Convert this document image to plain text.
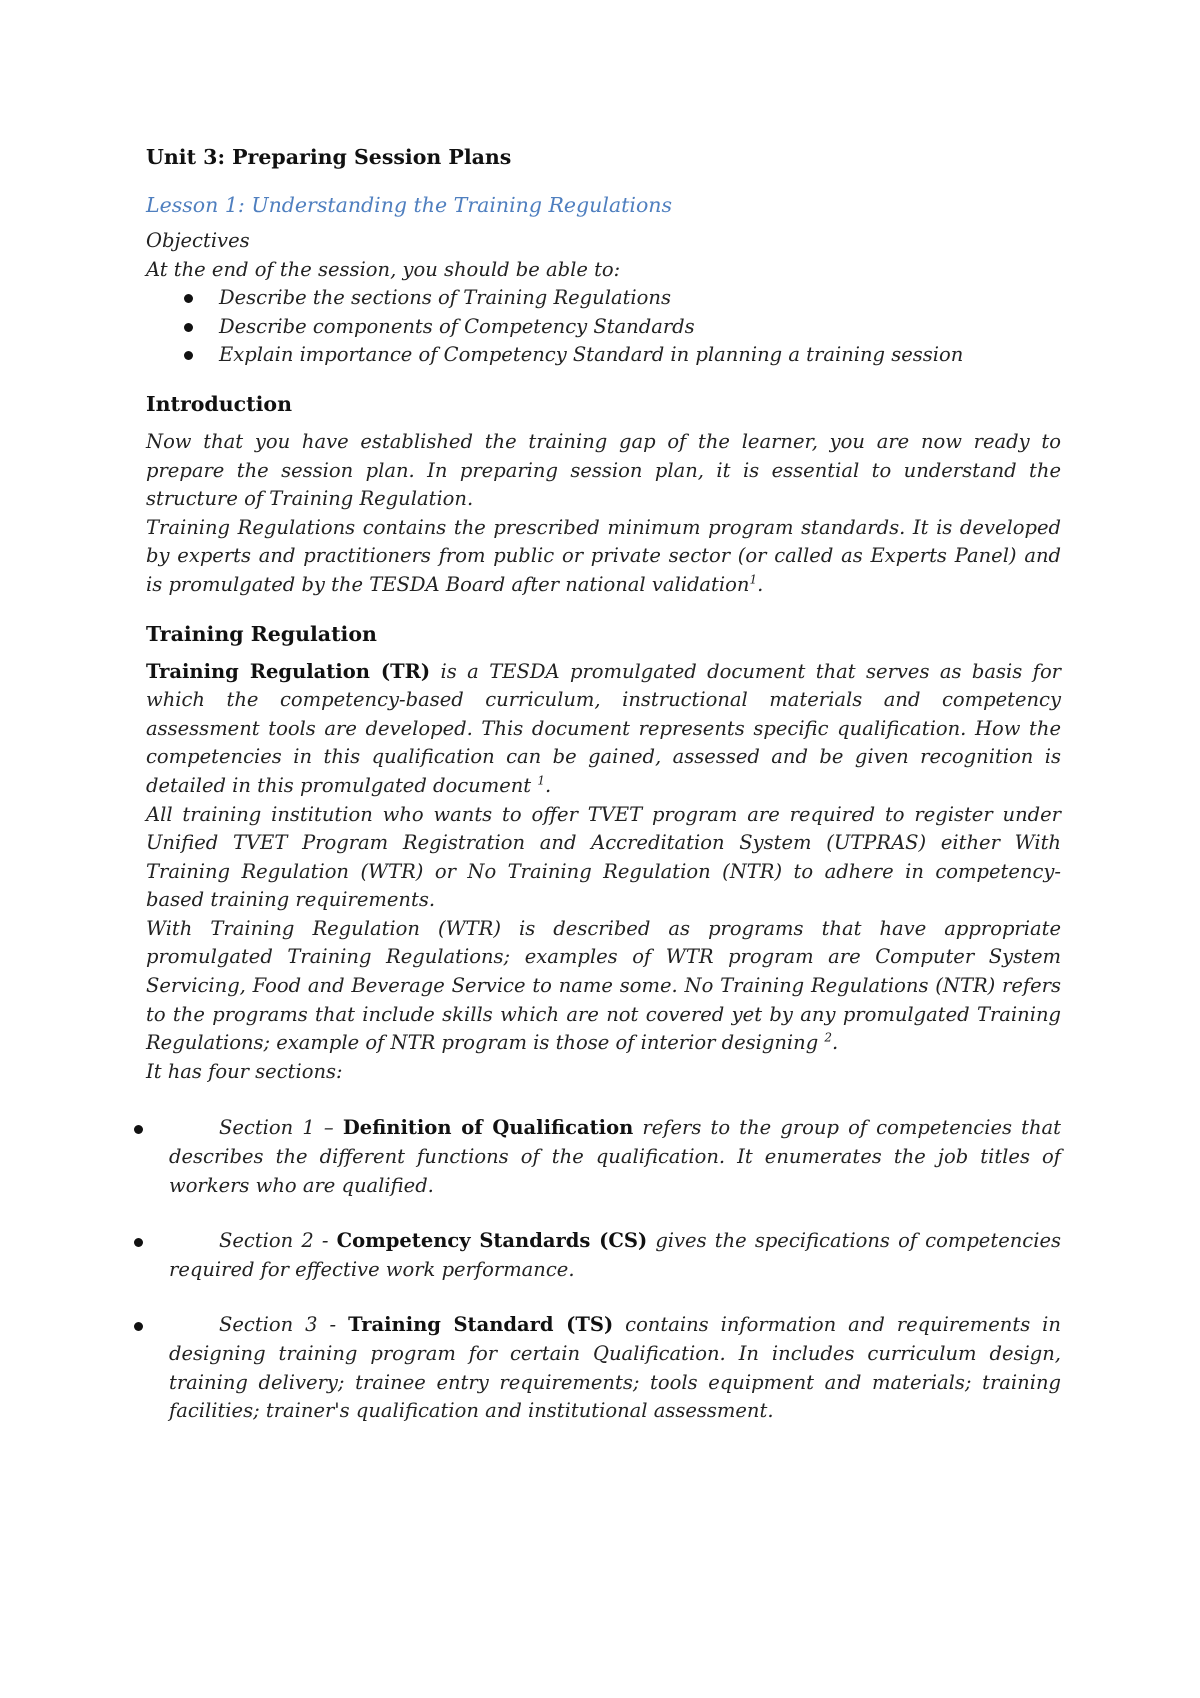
Unit 3: Preparing Session Plans
Lesson 1: Understanding the Training Regulations
Objectives
At the end of the session, you should be able to:
Describe the sections of Training Regulations
Describe components of Competency Standards
Explain importance of Competency Standard in planning a training session
Introduction

Now that you have established the training gap of the learner, you are now ready to prepare the session plan. In preparing session plan, it is essential to understand the structure of Training Regulation.

Training Regulations contains the prescribed minimum program standards. It is developed by experts and practitioners from public or private sector (or called as Experts Panel) and is promulgated by the TESDA Board after national validation$^1$.

Training Regulation

Training Regulation (TR) is a TESDA promulgated document that serves as basis for which the competency-based curriculum, instructional materials and competency assessment tools are developed. This document represents specific qualification. How the competencies in this qualification can be gained, assessed and be given recognition is detailed in this promulgated document $^1$.

All training institution who wants to offer TVET program are required to register under Unified TVET Program Registration and Accreditation System (UTPRAS) either With Training Regulation (WTR) or No Training Regulation (NTR) to adhere in competency-based training requirements.

With Training Regulation (WTR) is described as programs that have appropriate promulgated Training Regulations; examples of WTR program are Computer System Servicing, Food and Beverage Service to name some. No Training Regulations (NTR) refers to the programs that include skills which are not covered yet by any promulgated Training Regulations; example of NTR program is those of interior designing $^2$.

It has four sections:

Section 1 – Definition of Qualification refers to the group of competencies that describes the different functions of the qualification. It enumerates the job titles of workers who are qualified.

Section 2 - Competency Standards (CS) gives the specifications of competencies required for effective work performance.

Section 3 - Training Standard (TS) contains information and requirements in designing training program for certain Qualification. In includes curriculum design, training delivery; trainee entry requirements; tools equipment and materials; training facilities; trainer's qualification and institutional assessment.
